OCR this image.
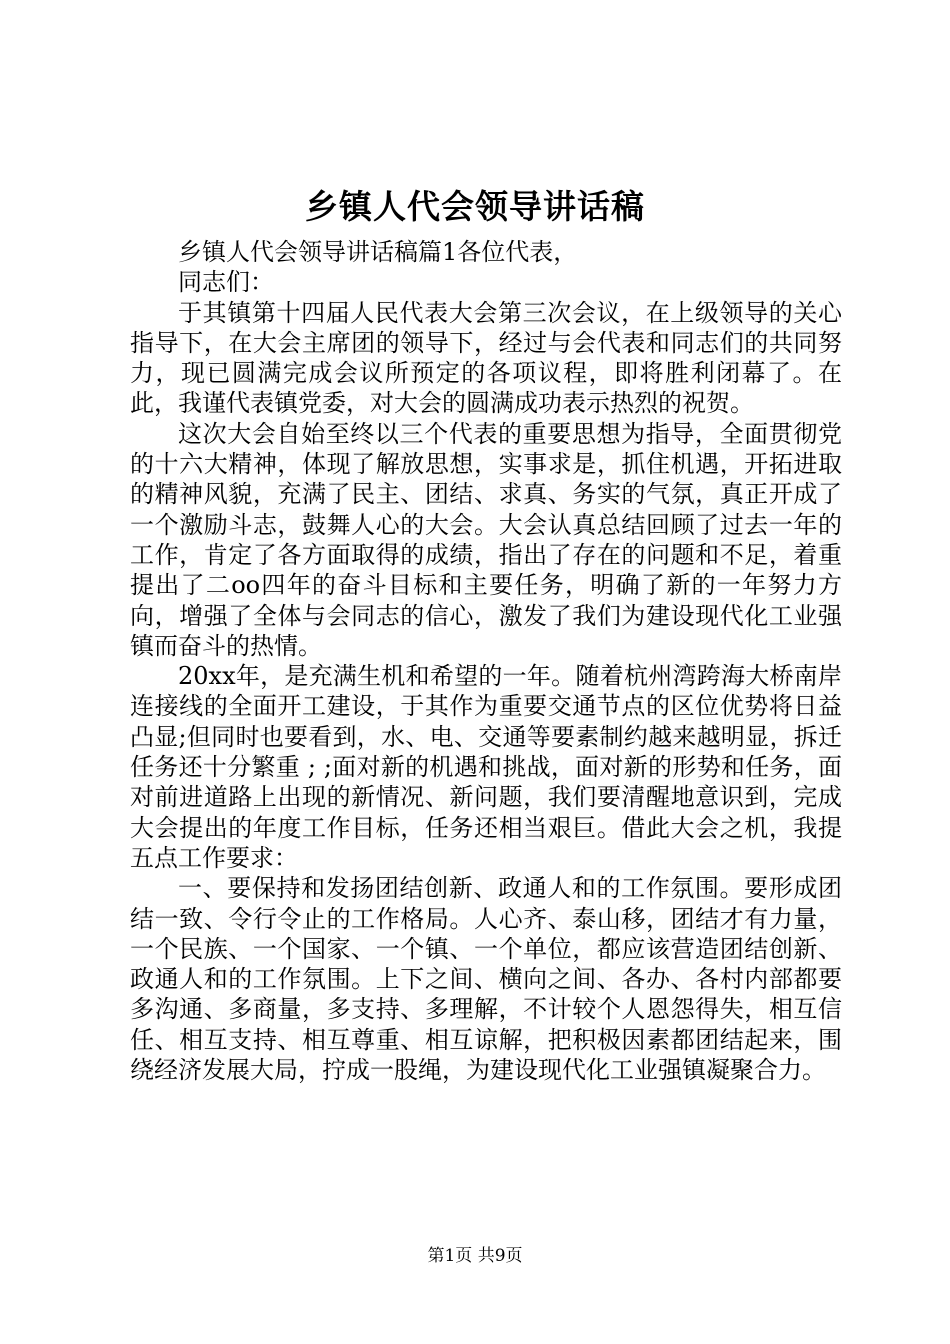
乡镇人代会领导讲话稿

乡镇人代会领导讲话稿篇1各位代表，

同志们：

于其镇第十四届人民代表大会第三次会议，在上级领导的关心指导下，在大会主席团的领导下，经过与会代表和同志们的共同努力，现已圆满完成会议所预定的各项议程，即将胜利闭幕了。在此，我谨代表镇党委，对大会的圆满成功表示热烈的祝贺。

这次大会自始至终以三个代表的重要思想为指导，全面贯彻党的十六大精神，体现了解放思想，实事求是，抓住机遇，开拓进取的精神风貌，充满了民主、团结、求真、务实的气氛，真正开成了一个激励斗志，鼓舞人心的大会。大会认真总结回顾了过去一年的工作，肯定了各方面取得的成绩，指出了存在的问题和不足，着重提出了二oo四年的奋斗目标和主要任务，明确了新的一年努力方向，增强了全体与会同志的信心，激发了我们为建设现代化工业强镇而奋斗的热情。

20xx年，是充满生机和希望的一年。随着杭州湾跨海大桥南岸连接线的全面开工建设，于其作为重要交通节点的区位优势将日益凸显;但同时也要看到，水、电、交通等要素制约越来越明显，拆迁任务还十分繁重 ; ;面对新的机遇和挑战，面对新的形势和任务，面对前进道路上出现的新情况、新问题，我们要清醒地意识到，完成大会提出的年度工作目标，任务还相当艰巨。借此大会之机，我提五点工作要求：

一、要保持和发扬团结创新、政通人和的工作氛围。要形成团结一致、令行令止的工作格局。人心齐、泰山移，团结才有力量，一个民族、一个国家、一个镇、一个单位，都应该营造团结创新、政通人和的工作氛围。上下之间、横向之间、各办、各村内部都要多沟通、多商量，多支持、多理解，不计较个人恩怨得失，相互信任、相互支持、相互尊重、相互谅解，把积极因素都团结起来，围绕经济发展大局，拧成一股绳，为建设现代化工业强镇凝聚合力。

第1页 共9页
